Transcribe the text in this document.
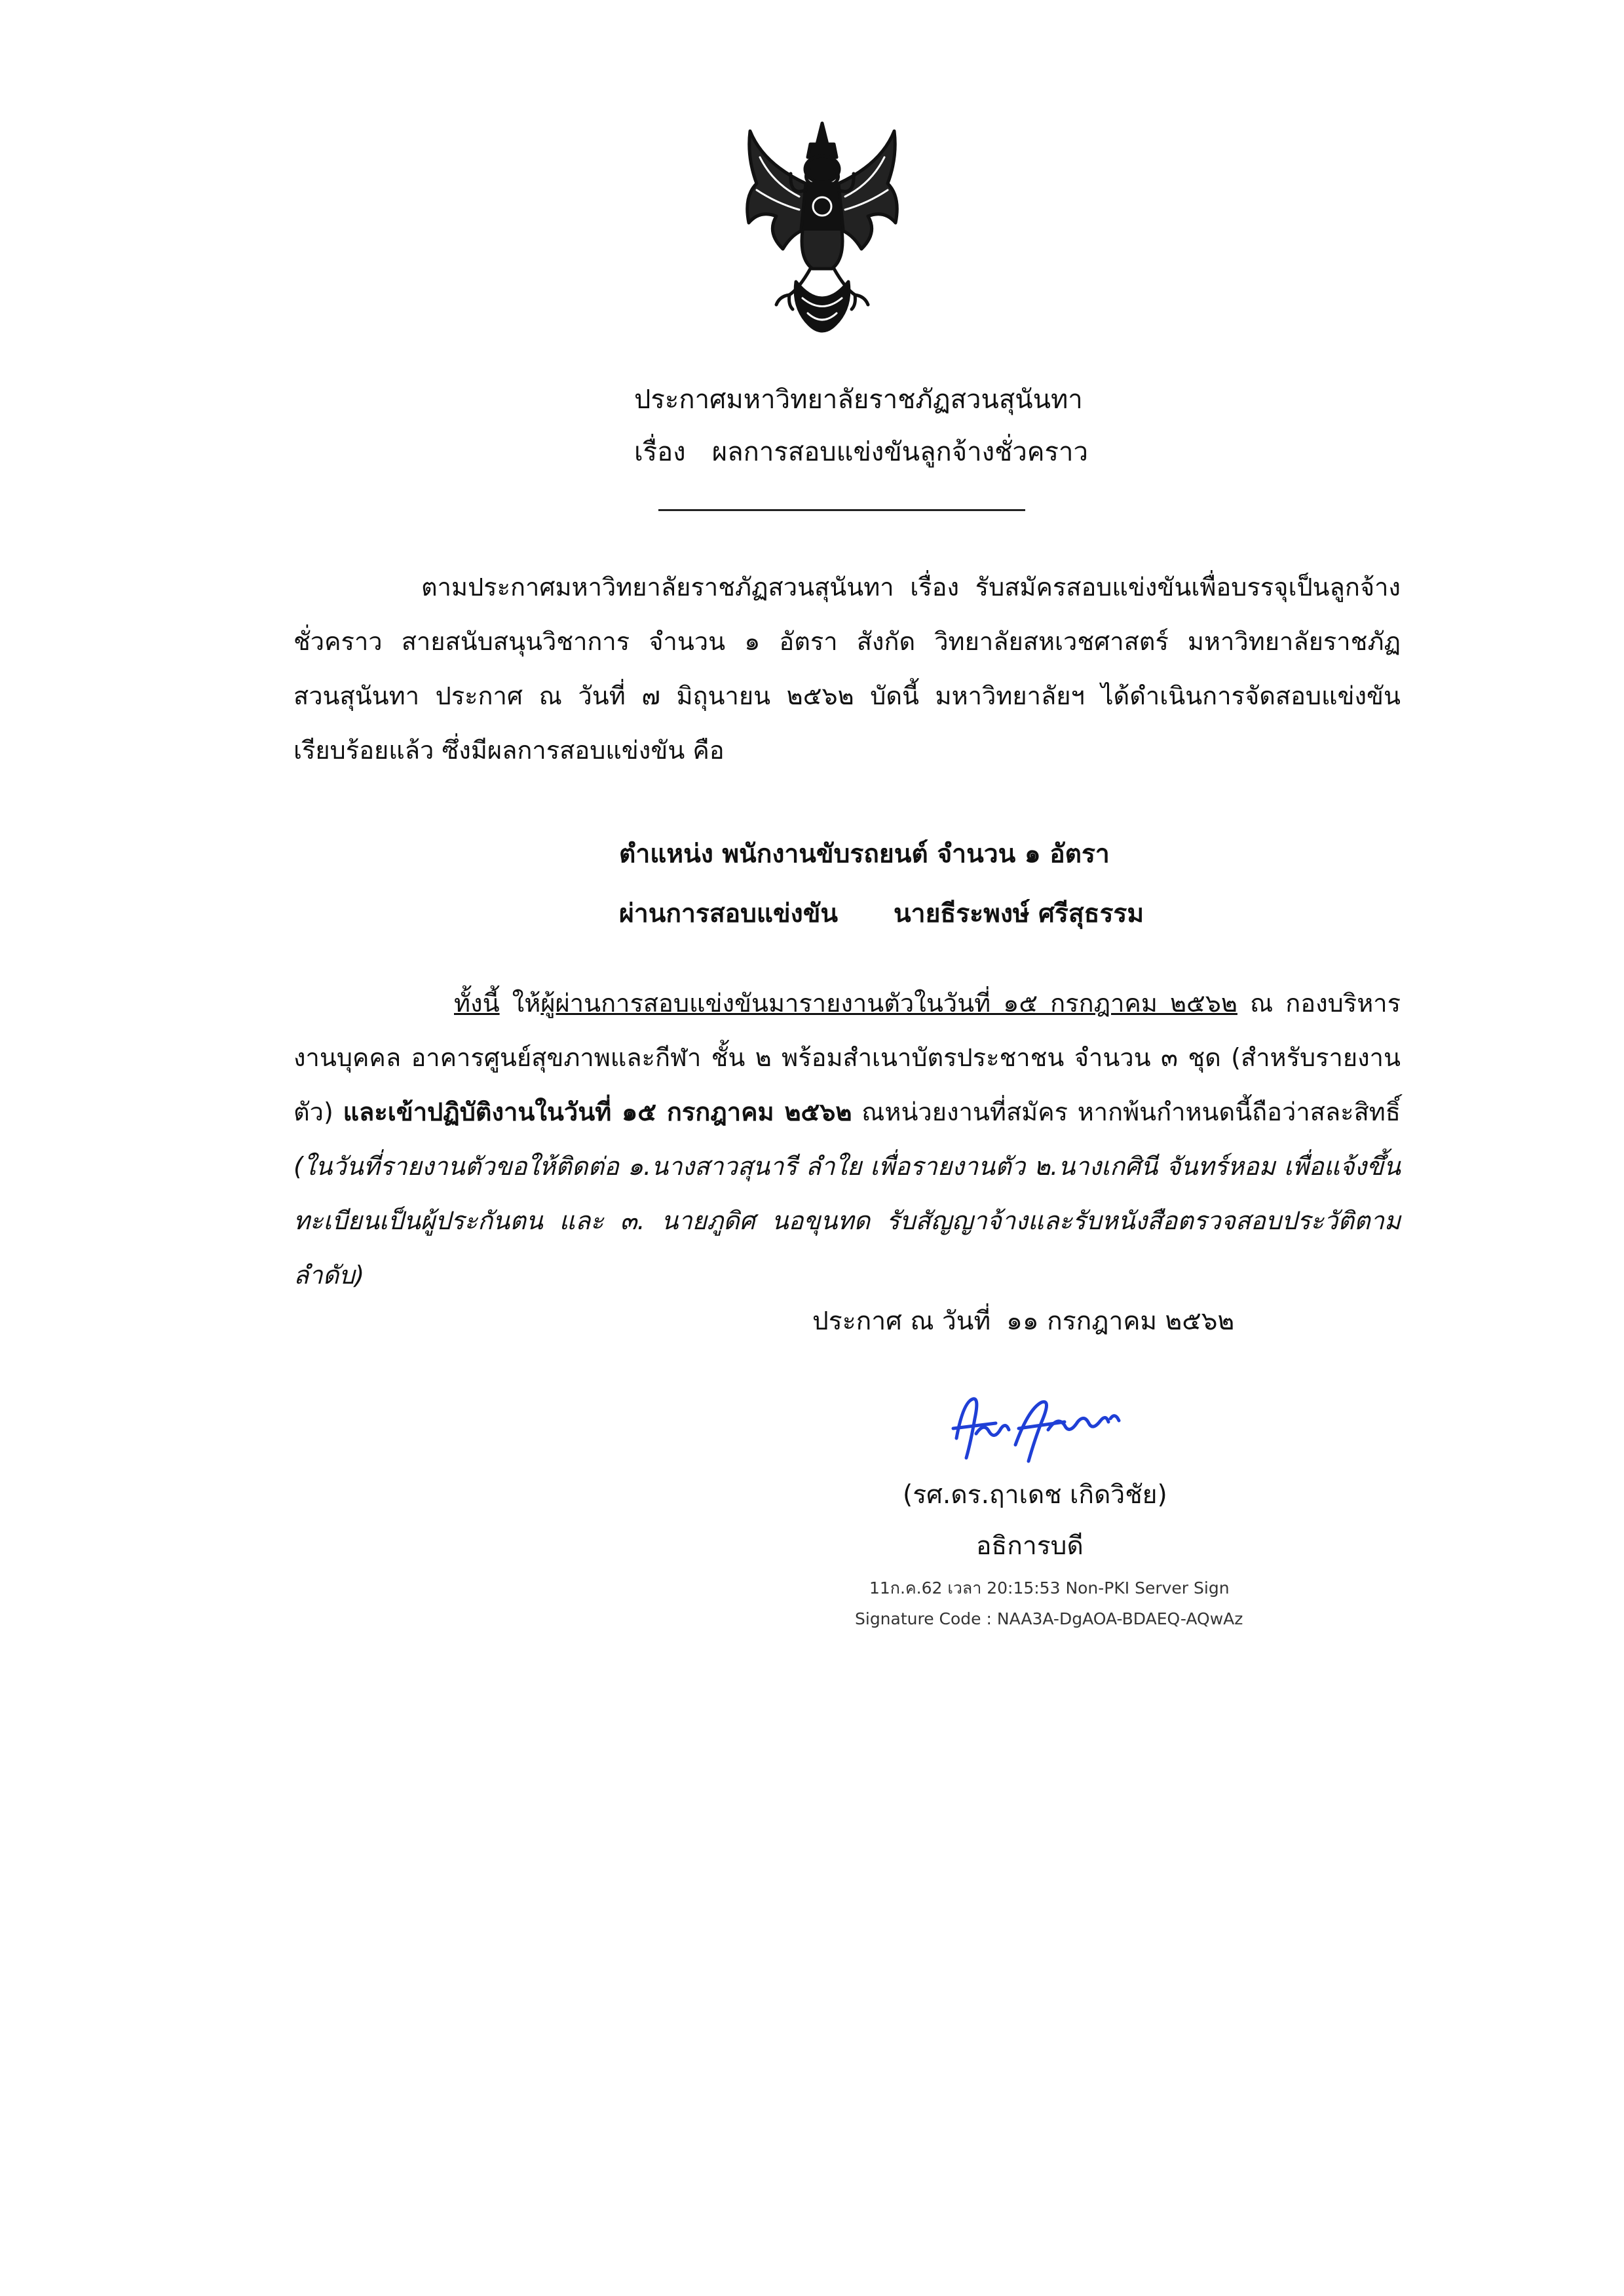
ประกาศมหาวิทยาลัยราชภัฏสวนสุนันทา
เรื่อง ผลการสอบแข่งขันลูกจ้างชั่วคราว
ตามประกาศมหาวิทยาลัยราชภัฏสวนสุนันทา เรื่อง รับสมัครสอบแข่งขันเพื่อบรรจุเป็นลูกจ้างชั่วคราว สายสนับสนุนวิชาการ จำนวน ๑ อัตรา สังกัด วิทยาลัยสหเวชศาสตร์ มหาวิทยาลัยราชภัฏสวนสุนันทา ประกาศ ณ วันที่ ๗ มิถุนายน ๒๕๖๒ บัดนี้ มหาวิทยาลัยฯ ได้ดำเนินการจัดสอบแข่งขันเรียบร้อยแล้ว ซึ่งมีผลการสอบแข่งขัน คือ
ตำแหน่ง พนักงานขับรถยนต์ จำนวน ๑ อัตรา
ผ่านการสอบแข่งขัน นายธีระพงษ์ ศรีสุธรรม
ทั้งนี้ ให้ผู้ผ่านการสอบแข่งขันมารายงานตัวในวันที่ ๑๕ กรกฎาคม ๒๕๖๒ ณ กองบริหารงานบุคคล อาคารศูนย์สุขภาพและกีฬา ชั้น ๒ พร้อมสำเนาบัตรประชาชน จำนวน ๓ ชุด (สำหรับรายงานตัว) และเข้าปฏิบัติงานในวันที่ ๑๕ กรกฎาคม ๒๕๖๒ ณหน่วยงานที่สมัคร หากพ้นกำหนดนี้ถือว่าสละสิทธิ์ (ในวันที่รายงานตัวขอให้ติดต่อ ๑.นางสาวสุนารี ลำใย เพื่อรายงานตัว ๒.นางเกศินี จันทร์หอม เพื่อแจ้งขึ้นทะเบียนเป็นผู้ประกันตน และ ๓. นายภูดิศ นอขุนทด รับสัญญาจ้างและรับหนังสือตรวจสอบประวัติตามลำดับ)
ประกาศ ณ วันที่ ๑๑ กรกฎาคม ๒๕๖๒
(รศ.ดร.ฤาเดช เกิดวิชัย)
อธิการบดี
11ก.ค.62 เวลา 20:15:53 Non-PKI Server Sign
Signature Code : NAA3A-DgAOA-BDAEQ-AQwAz
